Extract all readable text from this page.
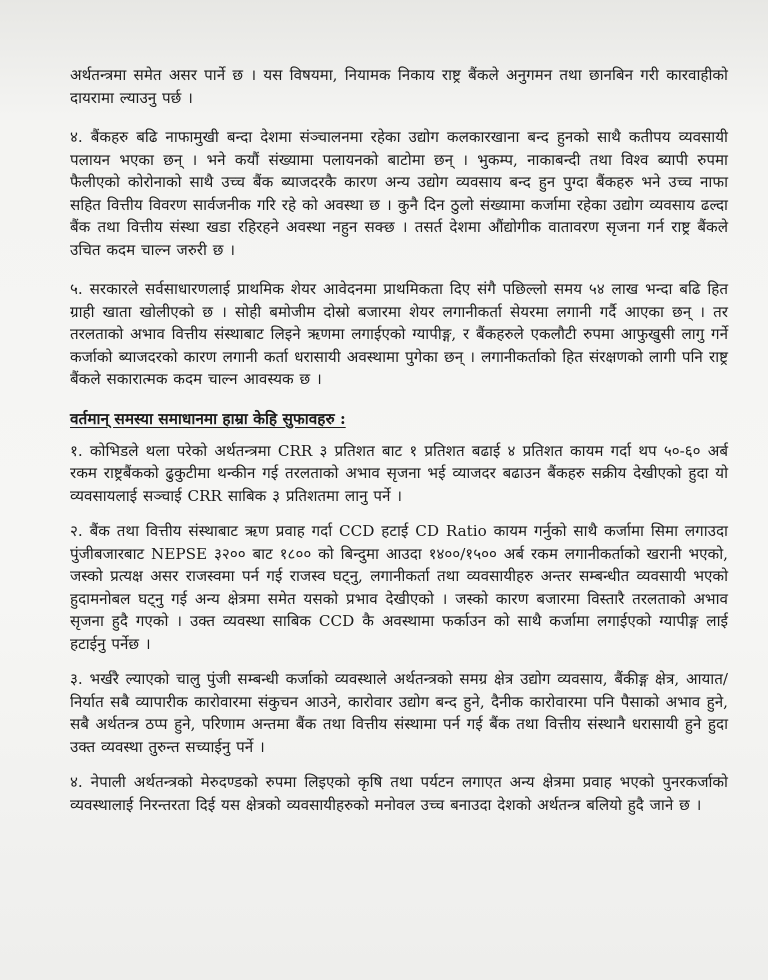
अर्थतन्त्रमा समेत असर पार्ने छ । यस विषयमा, नियामक निकाय राष्ट्र बैंकले अनुगमन तथा छानबिन गरी कारवाहीको दायरामा ल्याउनु पर्छ ।

४. बैंकहरु बढि नाफामुखी बन्दा देशमा संञ्चालनमा रहेका उद्योग कलकारखाना बन्द हुनको साथै कतीपय व्यवसायी पलायन भएका छन् । भने कयौं संख्यामा पलायनको बाटोमा छन् । भुकम्प, नाकाबन्दी तथा विश्व ब्यापी रुपमा फैलीएको कोरोनाको साथै उच्च बैंक ब्याजदरकै कारण अन्य उद्योग व्यवसाय बन्द हुन पुग्दा बैंकहरु भने उच्च नाफा सहित वित्तीय विवरण सार्वजनीक गरि रहे को अवस्था छ । कुनै दिन ठुलो संख्यामा कर्जामा रहेका उद्योग व्यवसाय ढल्दा बैंक तथा वित्तीय संस्था खडा रहिरहने अवस्था नहुन सक्छ । तसर्त देशमा औंद्योगीक वातावरण सृजना गर्न राष्ट्र बैंकले उचित कदम चाल्न जरुरी छ ।

५. सरकारले सर्वसाधारणलाई प्राथमिक शेयर आवेदनमा प्राथमिकता दिए संगै पछिल्लो समय ५४ लाख भन्दा बढि हित ग्राही खाता खोलीएको छ । सोही बमोजीम दोस्रो बजारमा शेयर लगानीकर्ता सेयरमा लगानी गर्दै आएका छन् । तर तरलताको अभाव वित्तीय संस्थाबाट लिइने ऋणमा लगाईएको ग्यापीङ्ग, र बैंकहरुले एकलौटी रुपमा आफुखुसी लागु गर्ने कर्जाको ब्याजदरको कारण लगानी कर्ता धरासायी अवस्थामा पुगेका छन् । लगानीकर्ताको हित संरक्षणको लागी पनि राष्ट्र बैंकले सकारात्मक कदम चाल्न आवस्यक छ ।

वर्तमान् समस्या समाधानमा हाम्रा केहि सुफावहरु :

१. कोभिडले थला परेको अर्थतन्त्रमा CRR ३ प्रतिशत बाट १ प्रतिशत बढाई ४ प्रतिशत कायम गर्दा थप ५०-६० अर्ब रकम राष्ट्रबैंकको ढुकुटीमा थन्कीन गई तरलताको अभाव सृजना भई व्याजदर बढाउन बैंकहरु सक्रीय देखीएको हुदा यो व्यवसायलाई सञ्चाई CRR साबिक ३ प्रतिशतमा लानु पर्ने ।

२. बैंक तथा वित्तीय संस्थाबाट ऋण प्रवाह गर्दा CCD हटाई CD Ratio कायम गर्नुको साथै कर्जामा सिमा लगाउदा पुंजीबजारबाट NEPSE ३२०० बाट १८०० को बिन्दुमा आउदा १४००/१५०० अर्ब रकम लगानीकर्ताको खरानी भएको, जस्को प्रत्यक्ष असर राजस्वमा पर्न गई राजस्व घट्नु, लगानीकर्ता तथा व्यवसायीहरु अन्तर सम्बन्धीत व्यवसायी भएको हुदामनोबल घट्नु गई अन्य क्षेत्रमा समेत यसको प्रभाव देखीएको । जस्को कारण बजारमा विस्तारै तरलताको अभाव सृजना हुदै गएको । उक्त व्यवस्था साबिक CCD कै अवस्थामा फर्काउन को साथै कर्जामा लगाईएको ग्यापीङ्ग लाई हटाईनु पर्नेछ ।

३. भर्खरै ल्याएको चालु पुंजी सम्बन्धी कर्जाको व्यवस्थाले अर्थतन्त्रको समग्र क्षेत्र उद्योग व्यवसाय, बैंकीङ्ग क्षेत्र, आयात/निर्यात सबै व्यापारीक कारोवारमा संकुचन आउने, कारोवार उद्योग बन्द हुने, दैनीक कारोवारमा पनि पैसाको अभाव हुने, सबै अर्थतन्त्र ठप्प हुने, परिणाम अन्तमा बैंक तथा वित्तीय संस्थामा पर्न गई बैंक तथा वित्तीय संस्थानै धरासायी हुने हुदा उक्त व्यवस्था तुरुन्त सच्याईनु पर्ने ।

४. नेपाली अर्थतन्त्रको मेरुदण्डको रुपमा लिइएको कृषि तथा पर्यटन लगाएत अन्य क्षेत्रमा प्रवाह भएको पुनरकर्जाको व्यवस्थालाई निरन्तरता दिई यस क्षेत्रको व्यवसायीहरुको मनोवल उच्च बनाउदा देशको अर्थतन्त्र बलियो हुदै जाने छ ।
